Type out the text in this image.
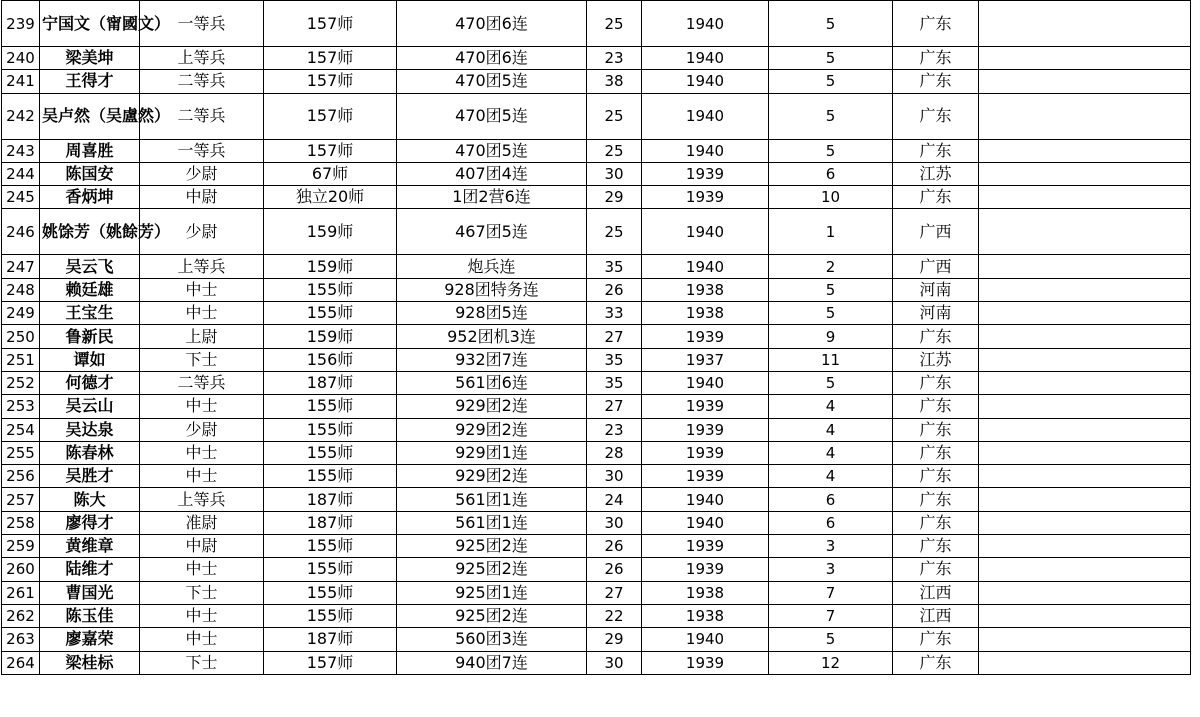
239	宁国文（甯國文）	一等兵	157师	470团6连	25	1940	5	广东	
240	梁美坤	上等兵	157师	470团6连	23	1940	5	广东	
241	王得才	二等兵	157师	470团5连	38	1940	5	广东	
242	吴卢然（吴盧然）	二等兵	157师	470团5连	25	1940	5	广东	
243	周喜胜	一等兵	157师	470团5连	25	1940	5	广东	
244	陈国安	少尉	67师	407团4连	30	1939	6	江苏	
245	香炳坤	中尉	独立20师	1团2营6连	29	1939	10	广东	
246	姚馀芳（姚餘芳）	少尉	159师	467团5连	25	1940	1	广西	
247	吴云飞	上等兵	159师	炮兵连	35	1940	2	广西	
248	赖廷雄	中士	155师	928团特务连	26	1938	5	河南	
249	王宝生	中士	155师	928团5连	33	1938	5	河南	
250	鲁新民	上尉	159师	952团机3连	27	1939	9	广东	
251	谭如	下士	156师	932团7连	35	1937	11	江苏	
252	何德才	二等兵	187师	561团6连	35	1940	5	广东	
253	吴云山	中士	155师	929团2连	27	1939	4	广东	
254	吴达泉	少尉	155师	929团2连	23	1939	4	广东	
255	陈春林	中士	155师	929团1连	28	1939	4	广东	
256	吴胜才	中士	155师	929团2连	30	1939	4	广东	
257	陈大	上等兵	187师	561团1连	24	1940	6	广东	
258	廖得才	准尉	187师	561团1连	30	1940	6	广东	
259	黄维章	中尉	155师	925团2连	26	1939	3	广东	
260	陆维才	中士	155师	925团2连	26	1939	3	广东	
261	曹国光	下士	155师	925团1连	27	1938	7	江西	
262	陈玉佳	中士	155师	925团2连	22	1938	7	江西	
263	廖嘉荣	中士	187师	560团3连	29	1940	5	广东	
264	梁桂标	下士	157师	940团7连	30	1939	12	广东	
